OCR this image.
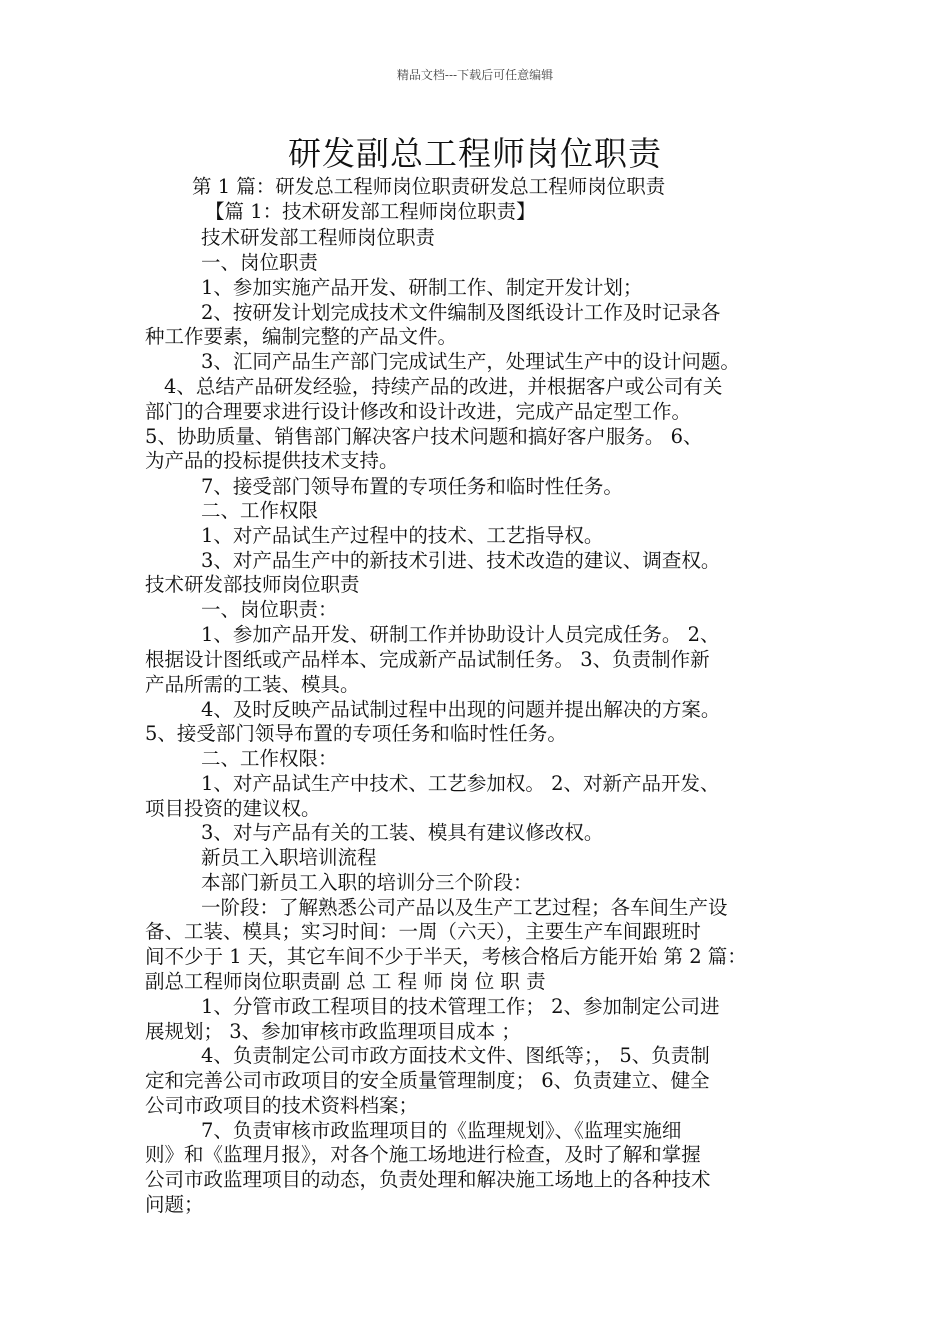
精品文档---下载后可任意编辑
研发副总工程师岗位职责
第 1 篇：研发总工程师岗位职责研发总工程师岗位职责
【篇 1：技术研发部工程师岗位职责】
技术研发部工程师岗位职责
一、岗位职责
1、参加实施产品开发、研制工作、制定开发计划；
2、按研发计划完成技术文件编制及图纸设计工作及时记录各
种工作要素，编制完整的产品文件。
3、汇同产品生产部门完成试生产，处理试生产中的设计问题。
4、总结产品研发经验，持续产品的改进，并根据客户或公司有关
部门的合理要求进行设计修改和设计改进，完成产品定型工作。
5、协助质量、销售部门解决客户技术问题和搞好客户服务。 6、
为产品的投标提供技术支持。
7、接受部门领导布置的专项任务和临时性任务。
二、工作权限
1、对产品试生产过程中的技术、工艺指导权。
3、对产品生产中的新技术引进、技术改造的建议、调查权。
技术研发部技师岗位职责
一、岗位职责：
1、参加产品开发、研制工作并协助设计人员完成任务。 2、
根据设计图纸或产品样本、完成新产品试制任务。 3、负责制作新
产品所需的工装、模具。
4、及时反映产品试制过程中出现的问题并提出解决的方案。
5、接受部门领导布置的专项任务和临时性任务。
二、工作权限：
1、对产品试生产中技术、工艺参加权。 2、对新产品开发、
项目投资的建议权。
3、对与产品有关的工装、模具有建议修改权。
新员工入职培训流程
本部门新员工入职的培训分三个阶段：
一阶段：了解熟悉公司产品以及生产工艺过程；各车间生产设
备、工装、模具；实习时间：一周（六天），主要生产车间跟班时
间不少于 1 天，其它车间不少于半天，考核合格后方能开始 第 2 篇：
副总工程师岗位职责副 总 工 程 师 岗 位 职 责
1、分管市政工程项目的技术管理工作； 2、参加制定公司进
展规划； 3、参加审核市政监理项目成本 ；
4、负责制定公司市政方面技术文件、图纸等；， 5、负责制
定和完善公司市政项目的安全质量管理制度； 6、负责建立、健全
公司市政项目的技术资料档案；
7、负责审核市政监理项目的《监理规划》、《监理实施细
则》和《监理月报》，对各个施工场地进行检查，及时了解和掌握
公司市政监理项目的动态，负责处理和解决施工场地上的各种技术
问题；
